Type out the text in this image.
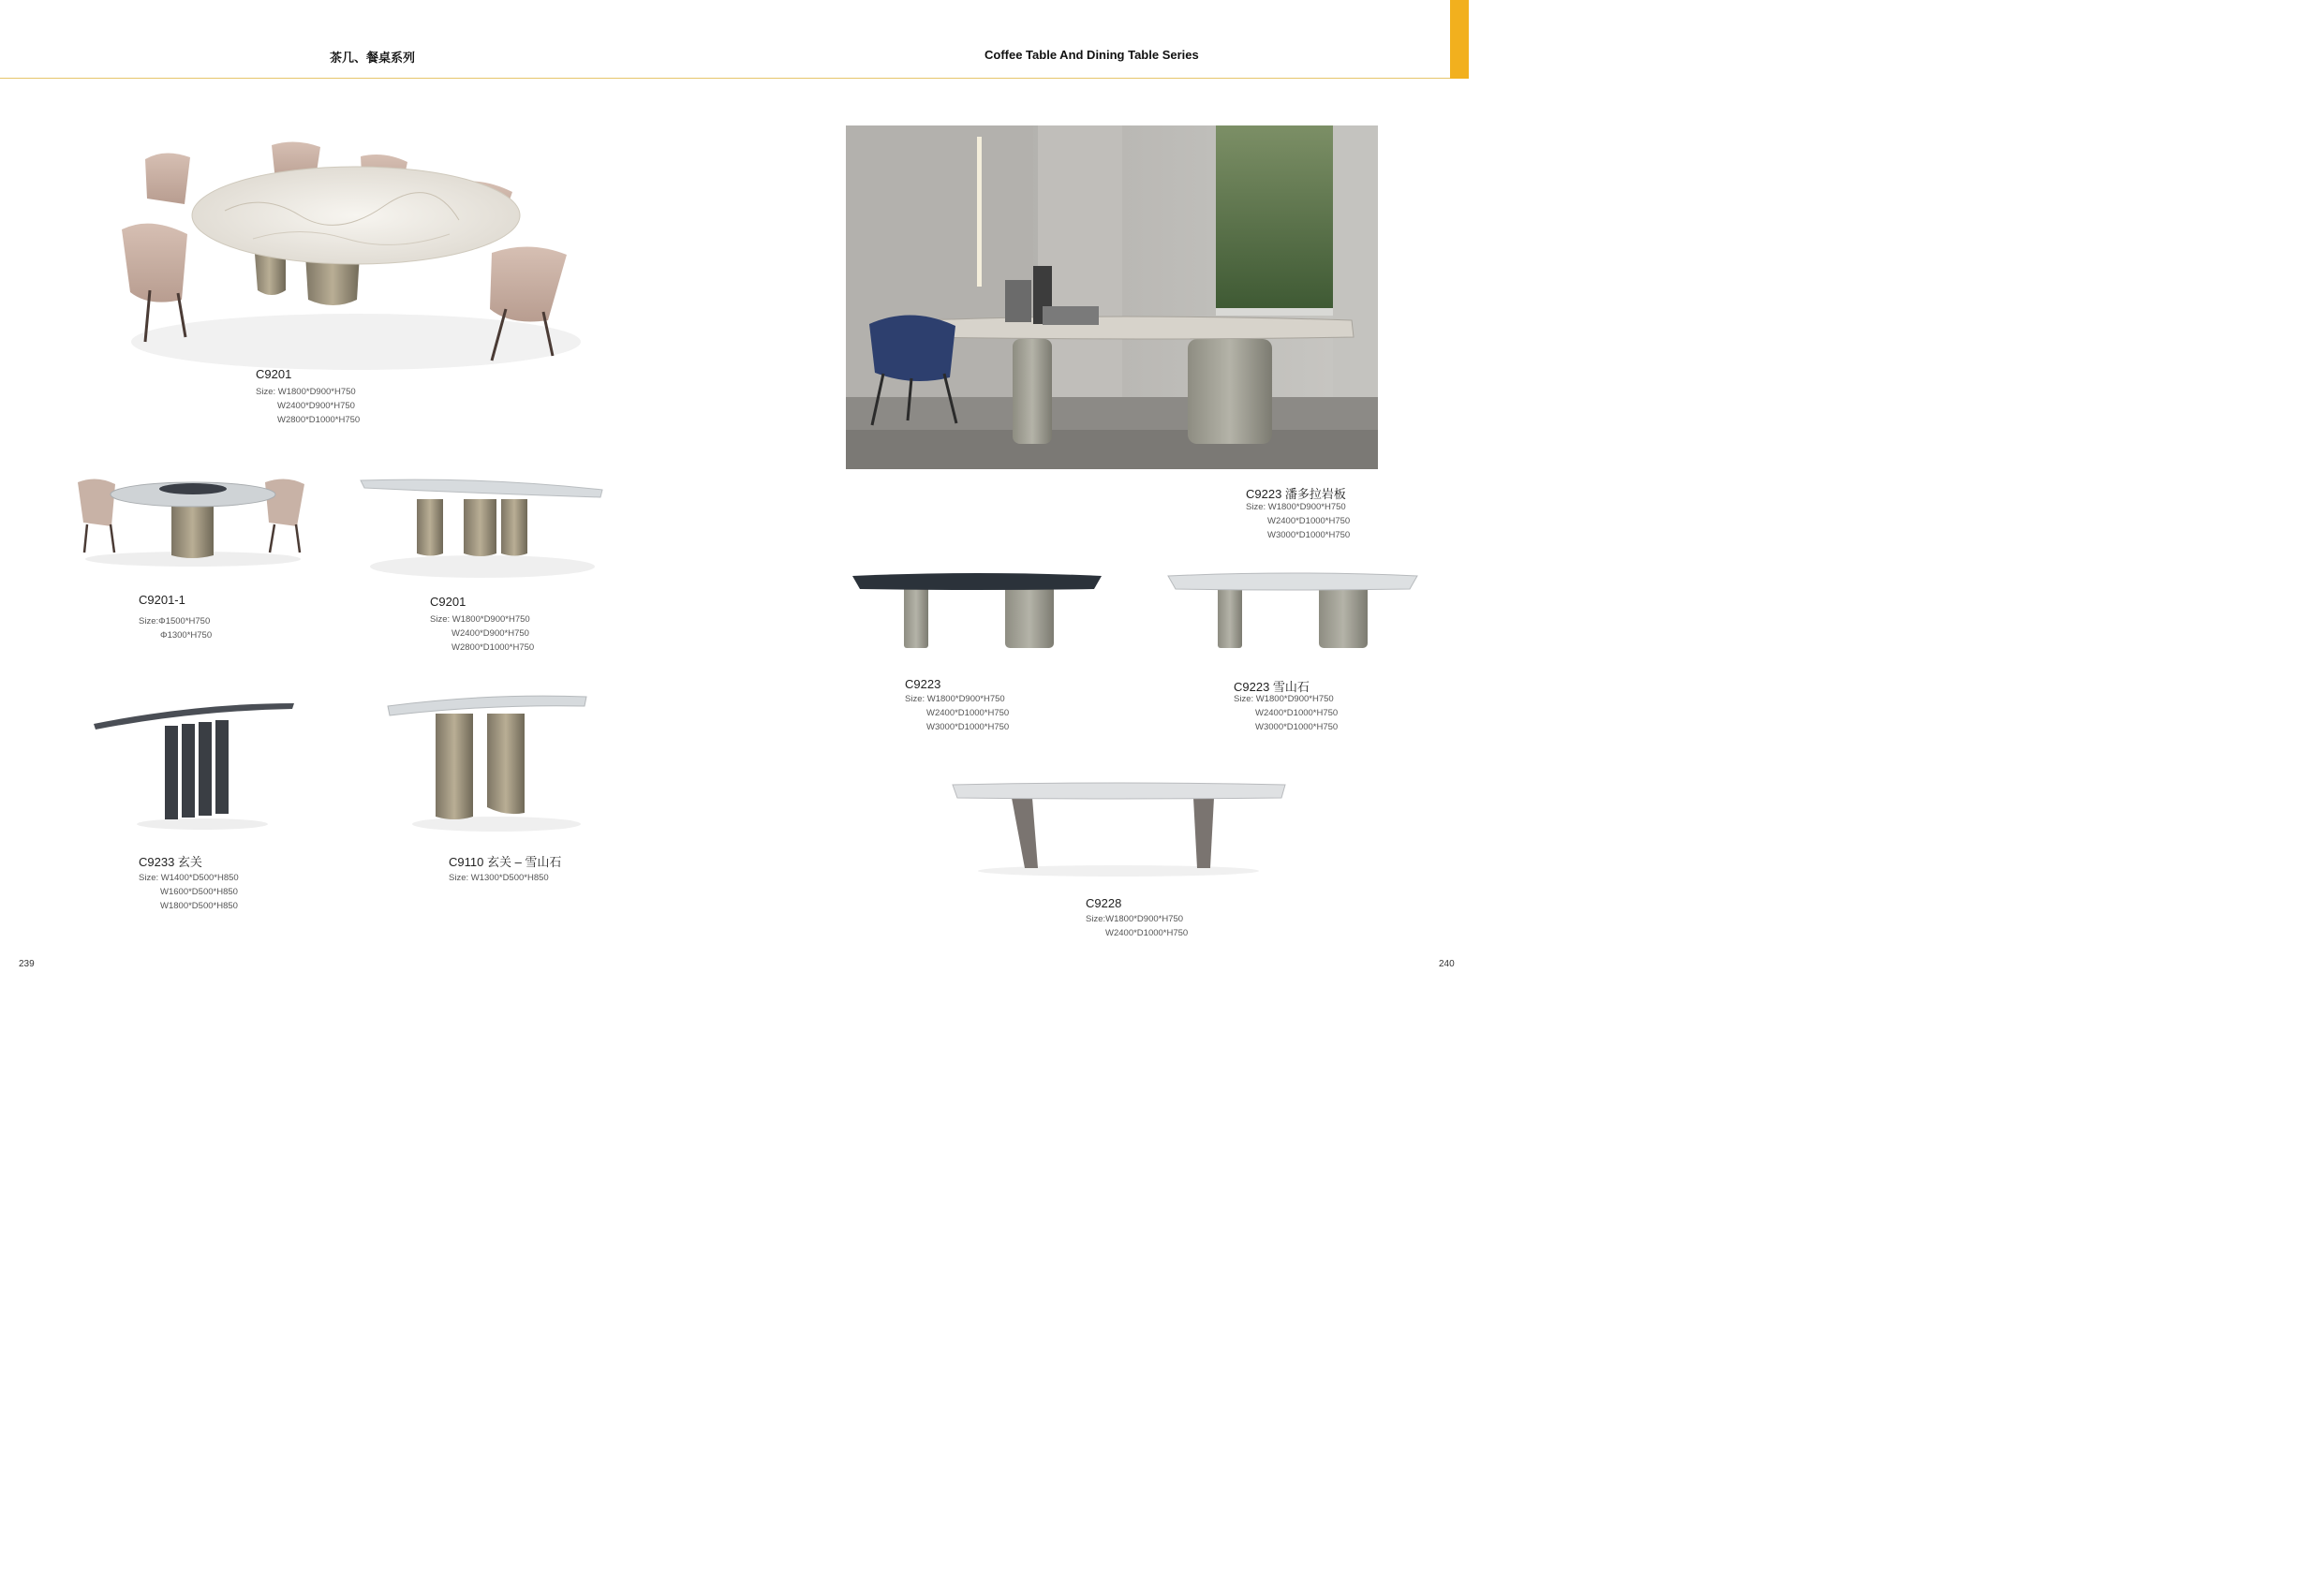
茶几、餐桌系列	Coffee Table And Dining Table Series
C9201
Size: W1800*D900*H750
W2400*D900*H750
W2800*D1000*H750
C9201-1
Size:Φ1500*H750
Φ1300*H750
C9201
Size: W1800*D900*H750
W2400*D900*H750
W2800*D1000*H750
C9233 玄关
Size: W1400*D500*H850
W1600*D500*H850
W1800*D500*H850
C9110 玄关 – 雪山石
Size: W1300*D500*H850
C9223 潘多拉岩板
Size: W1800*D900*H750
W2400*D1000*H750
W3000*D1000*H750
C9223
Size: W1800*D900*H750
W2400*D1000*H750
W3000*D1000*H750
C9223 雪山石
Size: W1800*D900*H750
W2400*D1000*H750
W3000*D1000*H750
C9228
Size:W1800*D900*H750
W2400*D1000*H750
239	240
